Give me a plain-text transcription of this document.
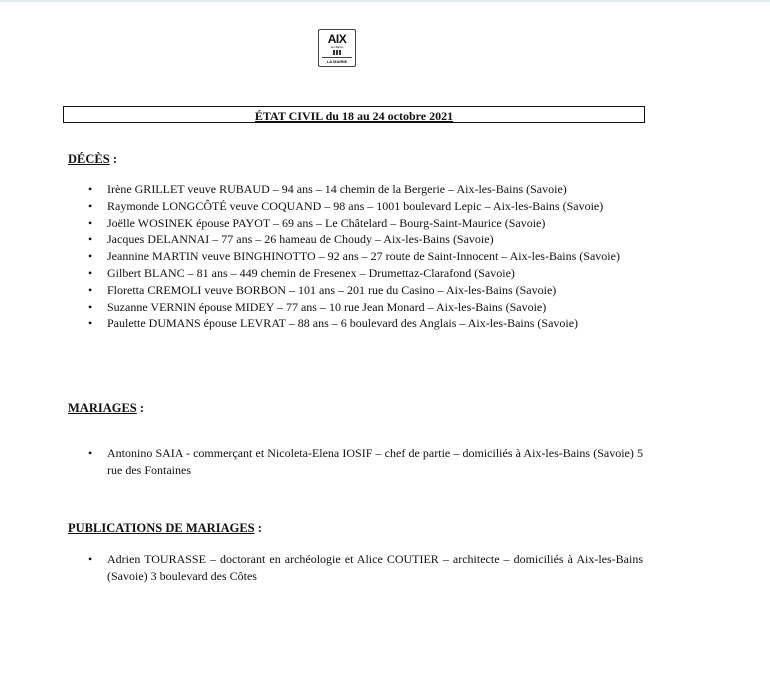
AIX
les Bains
LA MAIRIE
ÉTAT CIVIL du 18 au 24 octobre 2021

DÉCÈS :

• Irène GRILLET veuve RUBAUD – 94 ans – 14 chemin de la Bergerie – Aix-les-Bains (Savoie)
• Raymonde LONGCÔTÉ veuve COQUAND – 98 ans – 1001 boulevard Lepic – Aix-les-Bains (Savoie)
• Joëlle WOSINEK épouse PAYOT – 69 ans – Le Châtelard – Bourg-Saint-Maurice (Savoie)
• Jacques DELANNAI – 77 ans – 26 hameau de Choudy – Aix-les-Bains (Savoie)
• Jeannine MARTIN veuve BINGHINOTTO – 92 ans – 27 route de Saint-Innocent – Aix-les-Bains (Savoie)
• Gilbert BLANC – 81 ans – 449 chemin de Fresenex – Drumettaz-Clarafond (Savoie)
• Floretta CREMOLI veuve BORBON – 101 ans – 201 rue du Casino – Aix-les-Bains (Savoie)
• Suzanne VERNIN épouse MIDEY – 77 ans – 10 rue Jean Monard – Aix-les-Bains (Savoie)
• Paulette DUMANS épouse LEVRAT – 88 ans – 6 boulevard des Anglais – Aix-les-Bains (Savoie)

MARIAGES :

• Antonino SAIA - commerçant et Nicoleta-Elena IOSIF – chef de partie – domiciliés à Aix-les-Bains (Savoie) 5 rue des Fontaines

PUBLICATIONS DE MARIAGES :

• Adrien TOURASSE – doctorant en archéologie et Alice COUTIER – architecte – domiciliés à Aix-les-Bains (Savoie) 3 boulevard des Côtes
